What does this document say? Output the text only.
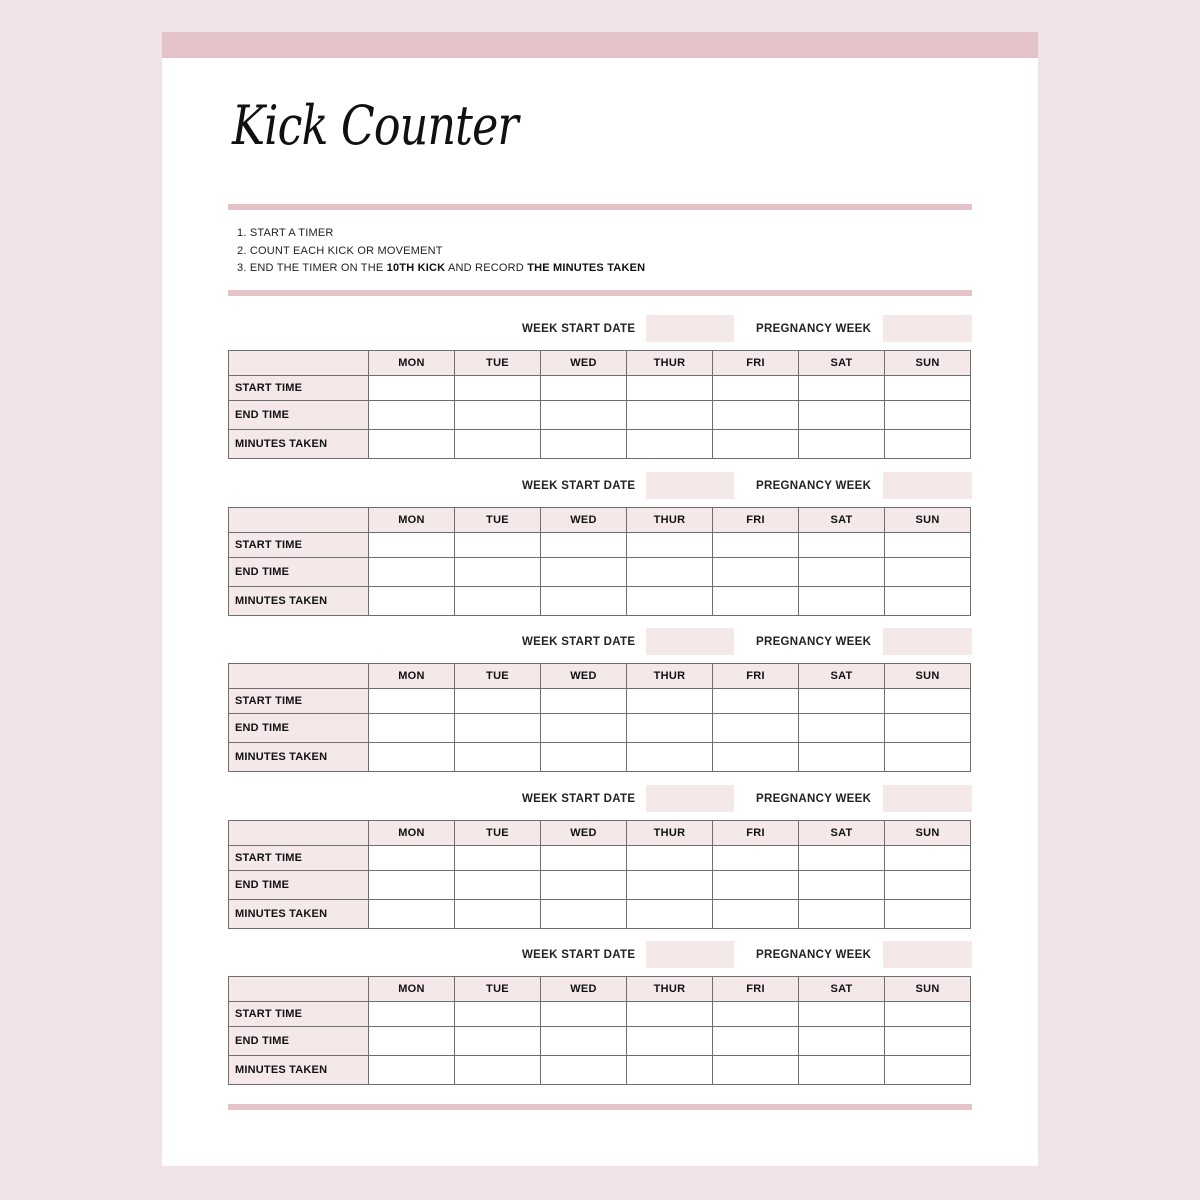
Kick Counter
1. START A TIMER
2. COUNT EACH KICK OR MOVEMENT
3. END THE TIMER ON THE 10TH KICK AND RECORD THE MINUTES TAKEN
WEEK START DATE	PREGNANCY WEEK
	MON	TUE	WED	THUR	FRI	SAT	SUN
START TIME							
END TIME							
MINUTES TAKEN							
WEEK START DATE	PREGNANCY WEEK
	MON	TUE	WED	THUR	FRI	SAT	SUN
START TIME							
END TIME							
MINUTES TAKEN							
WEEK START DATE	PREGNANCY WEEK
	MON	TUE	WED	THUR	FRI	SAT	SUN
START TIME							
END TIME							
MINUTES TAKEN							
WEEK START DATE	PREGNANCY WEEK
	MON	TUE	WED	THUR	FRI	SAT	SUN
START TIME							
END TIME							
MINUTES TAKEN							
WEEK START DATE	PREGNANCY WEEK
	MON	TUE	WED	THUR	FRI	SAT	SUN
START TIME							
END TIME							
MINUTES TAKEN							
